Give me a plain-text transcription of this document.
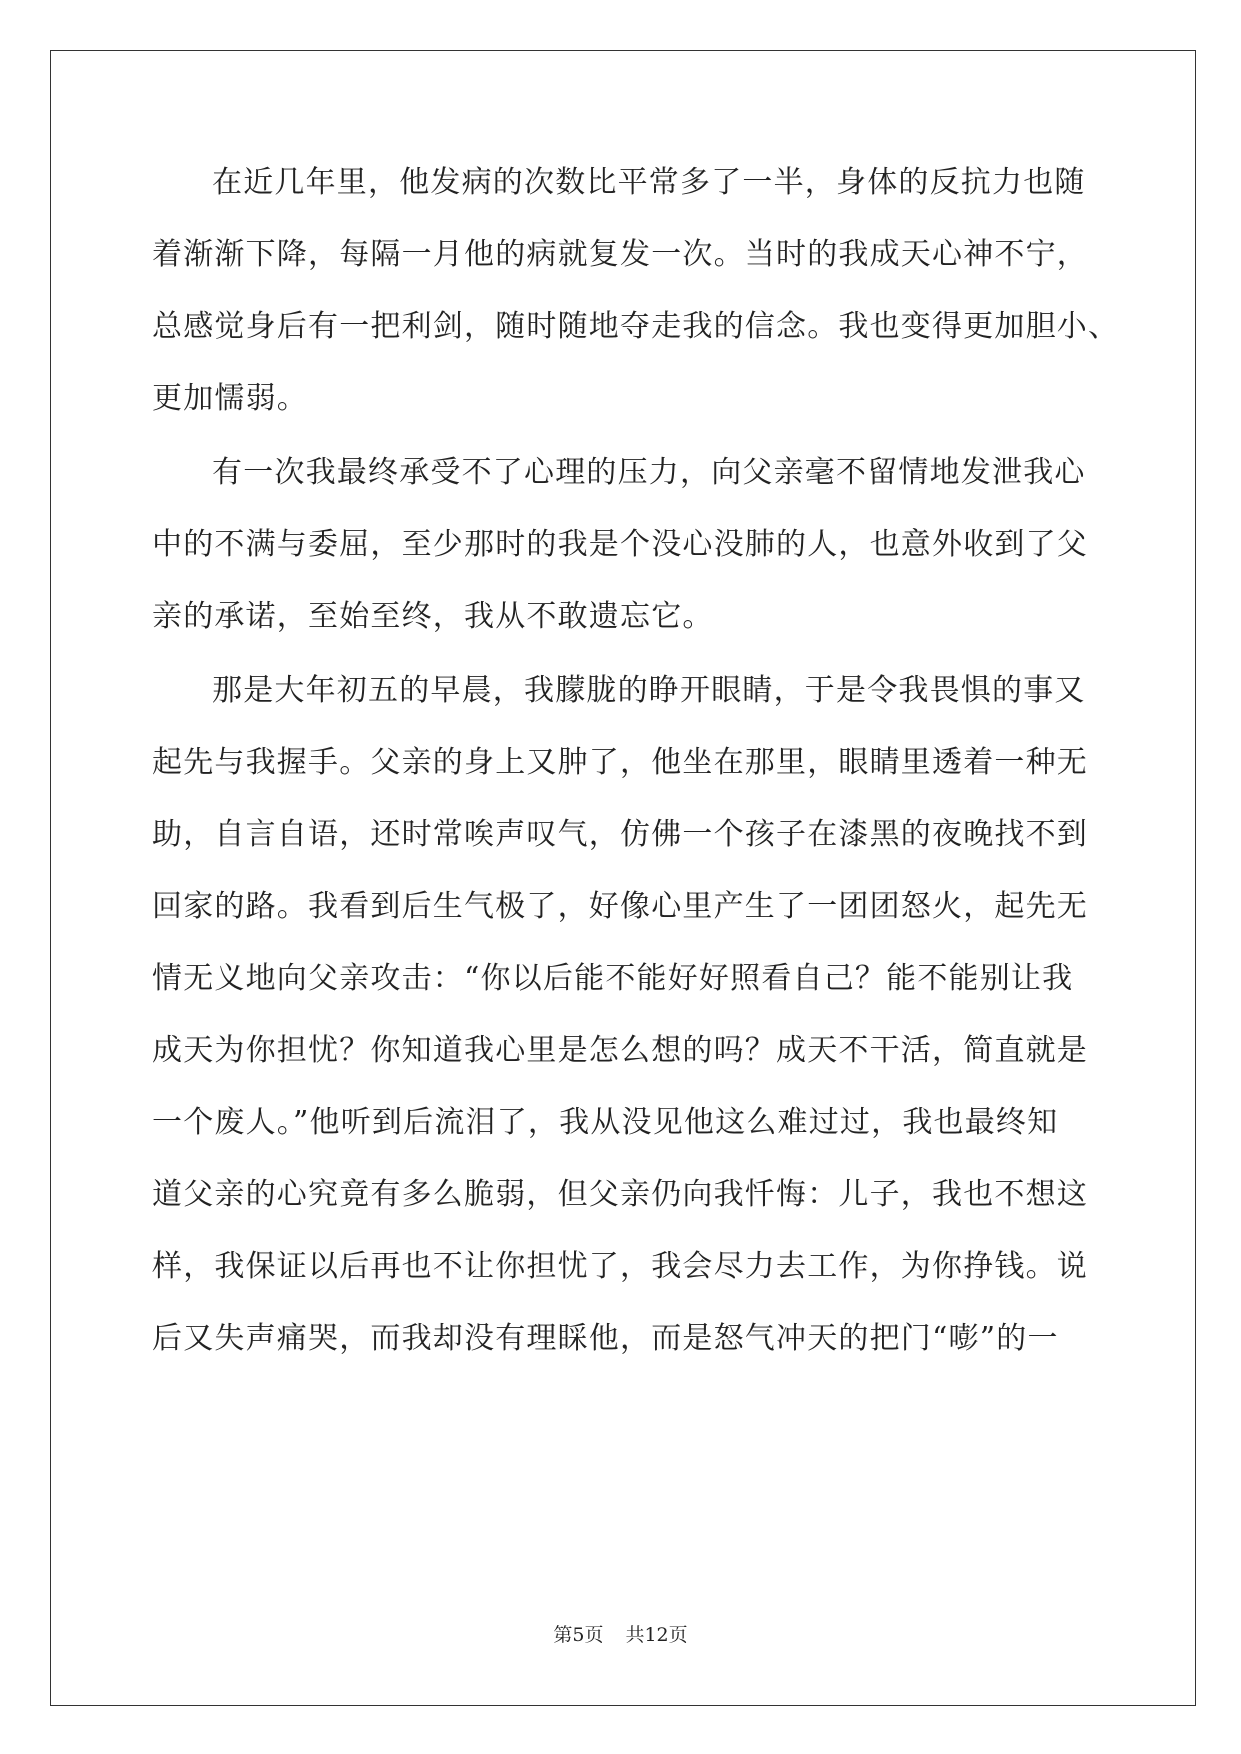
在近几年里，他发病的次数比平常多了一半，身体的反抗力也随
着渐渐下降，每隔一月他的病就复发一次。当时的我成天心神不宁，
总感觉身后有一把利剑，随时随地夺走我的信念。我也变得更加胆小、
更加懦弱。
有一次我最终承受不了心理的压力，向父亲毫不留情地发泄我心
中的不满与委屈，至少那时的我是个没心没肺的人，也意外收到了父
亲的承诺，至始至终，我从不敢遗忘它。
那是大年初五的早晨，我朦胧的睁开眼睛，于是令我畏惧的事又
起先与我握手。父亲的身上又肿了，他坐在那里，眼睛里透着一种无
助，自言自语，还时常唉声叹气，仿佛一个孩子在漆黑的夜晚找不到
回家的路。我看到后生气极了，好像心里产生了一团团怒火，起先无
情无义地向父亲攻击：“你以后能不能好好照看自己？能不能别让我
成天为你担忧？你知道我心里是怎么想的吗？成天不干活，简直就是
一个废人。”他听到后流泪了，我从没见他这么难过过，我也最终知
道父亲的心究竟有多么脆弱，但父亲仍向我忏悔：儿子，我也不想这
样，我保证以后再也不让你担忧了，我会尽力去工作，为你挣钱。说
后又失声痛哭，而我却没有理睬他，而是怒气冲天的把门“嘭”的一
第5页 共12页
